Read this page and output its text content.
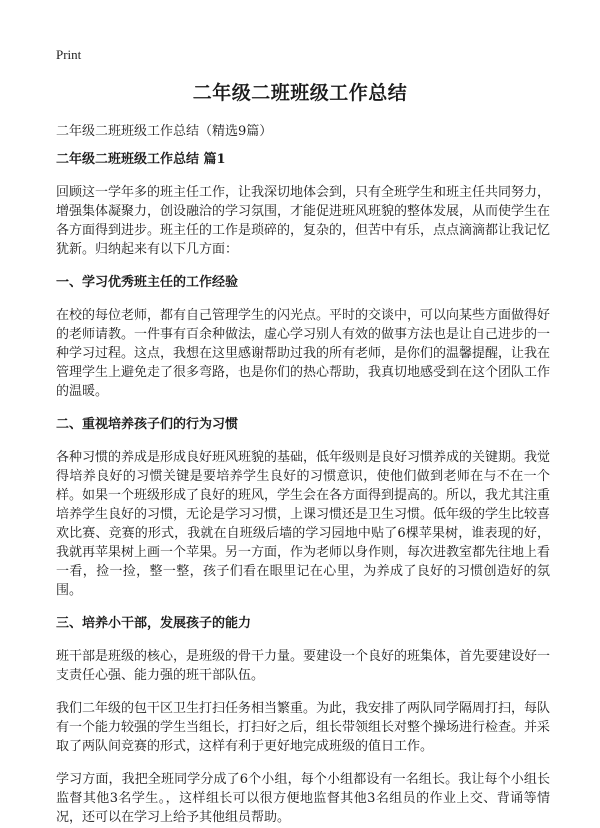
Print
二年级二班班级工作总结

二年级二班班级工作总结（精选9篇）

二年级二班班级工作总结 篇1

回顾这一学年多的班主任工作，让我深切地体会到，只有全班学生和班主任共同努力，增强集体凝聚力，创设融洽的学习氛围，才能促进班风班貌的整体发展，从而使学生在各方面得到进步。班主任的工作是琐碎的，复杂的，但苦中有乐，点点滴滴都让我记忆犹新。归纳起来有以下几方面：

一、学习优秀班主任的工作经验

在校的每位老师，都有自己管理学生的闪光点。平时的交谈中，可以向某些方面做得好的老师请教。一件事有百余种做法，虚心学习别人有效的做事方法也是让自己进步的一种学习过程。这点，我想在这里感谢帮助过我的所有老师，是你们的温馨提醒，让我在管理学生上避免走了很多弯路，也是你们的热心帮助，我真切地感受到在这个团队工作的温暖。

二、重视培养孩子们的行为习惯

各种习惯的养成是形成良好班风班貌的基础，低年级则是良好习惯养成的关键期。我觉得培养良好的习惯关键是要培养学生良好的习惯意识，使他们做到老师在与不在一个样。如果一个班级形成了良好的班风，学生会在各方面得到提高的。所以，我尤其注重培养学生良好的习惯，无论是学习习惯，上课习惯还是卫生习惯。低年级的学生比较喜欢比赛、竞赛的形式，我就在自班级后墙的学习园地中贴了6棵苹果树，谁表现的好，我就再苹果树上画一个苹果。另一方面，作为老师以身作则，每次进教室都先往地上看一看，捡一捡，整一整，孩子们看在眼里记在心里，为养成了良好的习惯创造好的氛围。

三、培养小干部，发展孩子的能力

班干部是班级的核心，是班级的骨干力量。要建设一个良好的班集体，首先要建设好一支责任心强、能力强的班干部队伍。

我们二年级的包干区卫生打扫任务相当繁重。为此，我安排了两队同学隔周打扫，每队有一个能力较强的学生当组长，打扫好之后，组长带领组长对整个操场进行检查。并采取了两队间竞赛的形式，这样有利于更好地完成班级的值日工作。

学习方面，我把全班同学分成了6个小组，每个小组都设有一名组长。我让每个小组长监督其他3名学生。，这样组长可以很方便地监督其他3名组员的作业上交、背诵等情况，还可以在学习上给予其他组员帮助。
